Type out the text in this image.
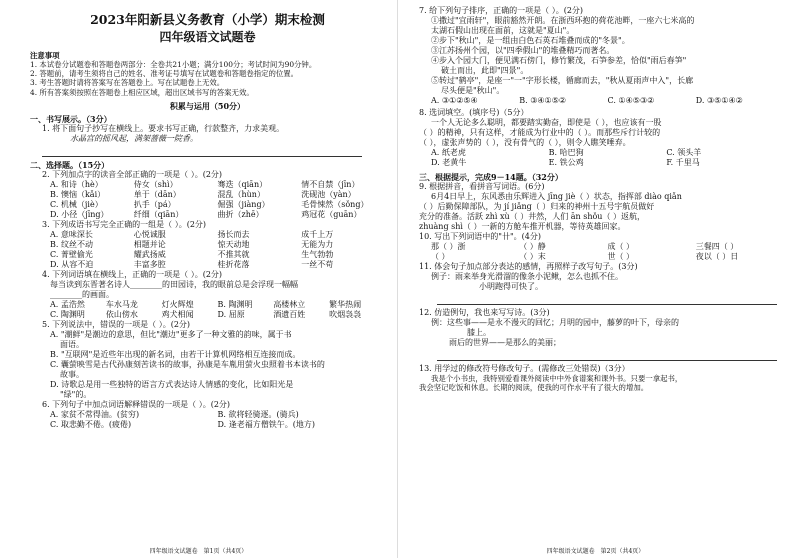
2023年阳新县义务教育（小学）期末检测
四年级语文试题卷
注意事项
1. 本试卷分试题卷和答题卷两部分：全卷共21小题；满分100分；考试时间为90分钟。
2. 答题前，请考生须将自己的姓名、准考证号填写在试题卷和答题卷指定的位置。
3. 考生答题时请将答案写在答题卷上。写在试题卷上无效。
4. 所有答案须按照在答题卷上相应区域，超出区域书写的答案无效。
积累与运用（50分）
一、书写展示。（3分）
1. 将下面句子抄写在横线上。要求书写正确，行款整齐，力求美观。
水晶宫的摇风起，满架蔷薇一院香。
二、选择题。（15分）
2. 下列加点字的读音全部正确的一项是（ ）。(2分)
A. 和诗（hè）	侍女（shì）	骞迭（qiān）	情不自禁（jīn）
B. 懊恼（kǎi）	单于（dān）	混乱（hùn）	洗砚池（yàn）
C. 机械（jiè）	扒手（pá）	倔强（jiàng）	毛骨悚然（sǒng）
D. 小径（jīng）	纤细（qiān）	曲折（zhē）	鸡冠花（guān）
3. 下列成语书写完全正确的一组是（ ）。(2分)
A. 意味深长	心悦诚服	扬长而去	成千上万
B. 纹丝不动	相题并论	惊天动地	无能为力
C. 菁壁偷光	耀武扬威	不推其就	生气勃勃
D. 从容不迫	丰富多腔	桂折花落	一丝不苟
4. 下列词语填在横线上，正确的一项是（ ）。(2分)
每当读到东晋著名诗人________的田园诗，我的眼前总是会浮现一幅幅
________的画面。
A. 孟浩然	车水马龙	灯火辉煌	B. 陶渊明	高楼林立	繁华热闹
C. 陶渊明	依山傍水	鸡犬相闻	D. 屈原	酒遗百姓	吹烟袅袅
5. 下列说法中，错误的一项是（ ）。(2分)
A. "潮鲜"是潮边的意思，但比"潮边"更多了一种文雅的韵味，属于书
面语。
B. "互联网"是近些年出现的新名词，由若干计算机网络相互连接而成。
C. 囊萤映雪是古代孙康刻苦读书的故事，孙康是车胤用萤火虫照着书本读书的
故事。
D. 诗歌总是用一些独特的语言方式表达诗人情感的变化，比如阳光是
"绿"的。
6. 下列句子中加点词语解释错误的一项是（ ）。(2分)
A. 家贫不常得油。(贫穷)	B. 欲将轻骑逐。(骑兵)
C. 取悲勤不倦。(疲倦)	D. 逢老福方僧铁午。(地方)
四年级语文试题卷　第1页（共4页）
7. 给下列句子排序，正确的一项是（ ）。(2分)
①撒过"宜雨轩"，眼前豁然开朗。在浙西环抱的荷花池畔，一座六七米高的
太湖石假山出现在面前，这就是"夏山"。
②步下"秋山"，是一组由白色石英石堆叠而成的"冬景"。
③江苏扬州个园，以"四季假山"的堆叠精巧而著名。
④步入个园大门，便见满石傍门，修竹繁茂，石笋参差，恰似"雨后春笋"
破土而出，此即"四景"。
⑤转过"鹤亭"，是座一"一"字形长楼，循廊而去，"秋从夏雨声中入"，长廊
尽头便是"秋山"。
A. ③①②⑤④	B. ③④①⑤②	C. ①④⑤③②	D. ③⑤①④②
8. 选词填空。(填序号)（5分）
一个人无论多么聪明，都要踏实勤奋，即使是（ ），也应该有一股
（ ）的精神，只有这样，才能成为行业中的（ ）。而那些斥行计较的
（ ），虚张声势的（ ），没有骨气的（ ），则令人瞧笑唾弃。
A. 纸老虎	B. 哈巴狗	C. 领头羊
D. 老黄牛	E. 铁公鸡	F. 千里马
三、根据提示，完成9－14题。（32分）
9. 根据拼音，看拼音写词语。(6分)
6月4日早上，东风悉由乐辉进入 jīng jiè（ ）状态，指挥部 diào qiǎn
（ ）后勤保障部队，为 jí jiǎng（ ）归来的神州十五号宇航员做好
充分的准备。活跃 zhì xù（ ）井然，人们 ān shǒu（ ）返航，
zhuàng shì（ ）一新的方舱车推开机器，等待英雄回家。
10. 写出下列词语中的"卄"。(4分)
那（ ）浙	（ ）静	成（ ）	三餐四（ ）
（ ）	（ ）末	世（ ）	夜以（ ）日
11. 体会句子加点部分表达的感情，再照样子改写句子。(3分)
例子：雨来举身光滑溜的像条小泥鳅，怎么也抓不住。
小明跑得可快了。
12. 仿造例句，我也来写写诗。(3分)
例：这些事——是永不漫灭的回忆；月明的园中，藤萝的叶下，母亲的
膝上。
雨后的世界——是那么的美丽；
13. 用学过的修改符号修改句子。(需修改三处错误)（3分）
我是个小书虫，我特别爱看课外阅读中中外食谱案和课外书。只要一拿起书，
我会坚记吃饭和休息。长期的阅读，使我的可作水平有了很大的增加。
四年级语文试题卷　第2页（共4页）
